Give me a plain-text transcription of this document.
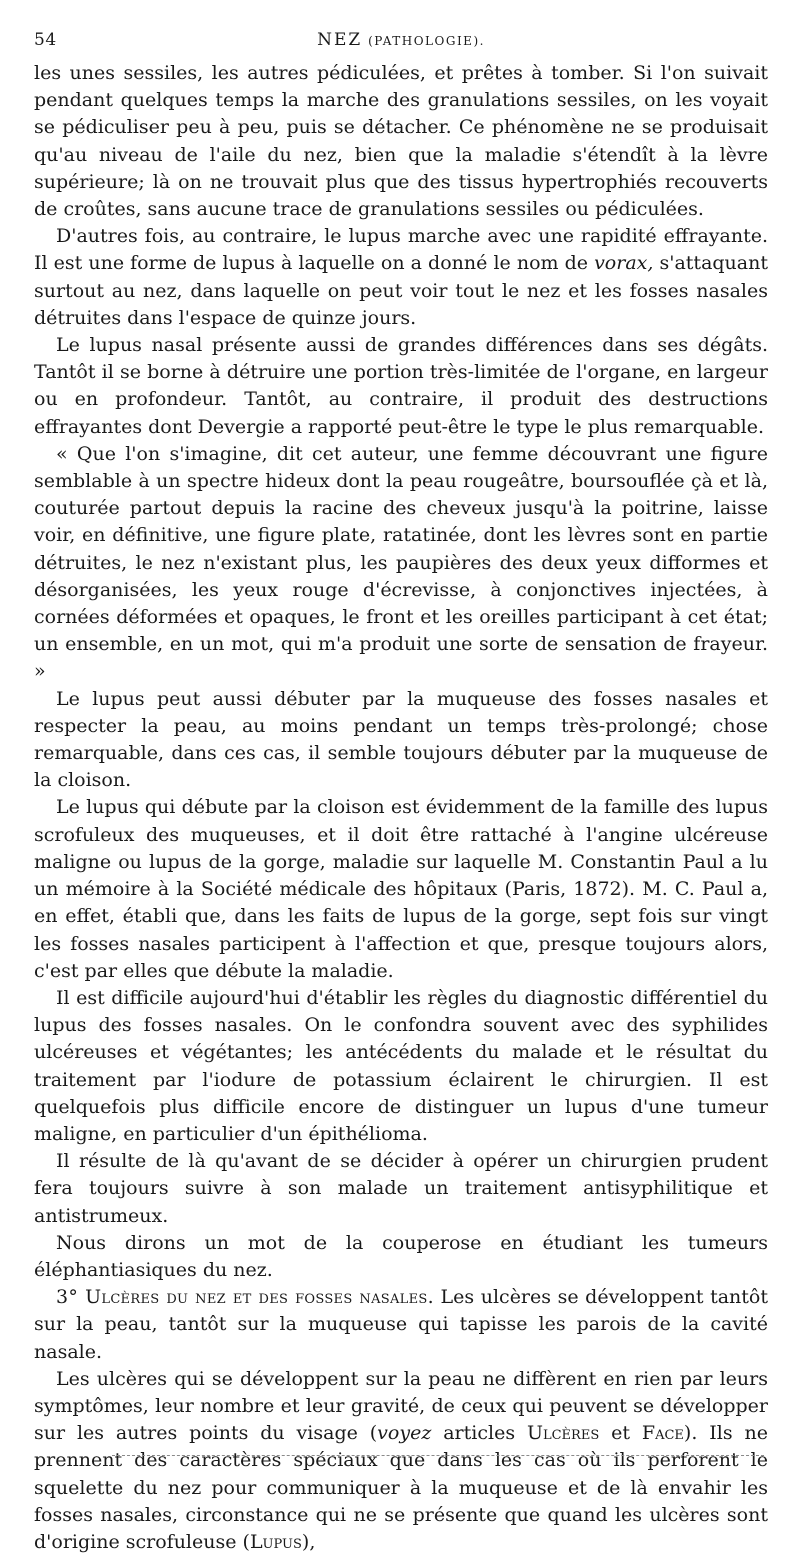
54	NEZ (PATHOLOGIE).

les unes sessiles, les autres pédiculées, et prêtes à tomber. Si l'on suivait pendant quelques temps la marche des granulations sessiles, on les voyait se pédiculiser peu à peu, puis se détacher. Ce phénomène ne se produisait qu'au niveau de l'aile du nez, bien que la maladie s'étendît à la lèvre supérieure; là on ne trouvait plus que des tissus hypertrophiés recouverts de croûtes, sans aucune trace de granulations sessiles ou pédiculées.

D'autres fois, au contraire, le lupus marche avec une rapidité effrayante. Il est une forme de lupus à laquelle on a donné le nom de vorax, s'attaquant surtout au nez, dans laquelle on peut voir tout le nez et les fosses nasales détruites dans l'espace de quinze jours.

Le lupus nasal présente aussi de grandes différences dans ses dégâts. Tantôt il se borne à détruire une portion très-limitée de l'organe, en largeur ou en profondeur. Tantôt, au contraire, il produit des destructions effrayantes dont Devergie a rapporté peut-être le type le plus remarquable.

« Que l'on s'imagine, dit cet auteur, une femme découvrant une figure semblable à un spectre hideux dont la peau rougeâtre, boursouflée çà et là, couturée partout depuis la racine des cheveux jusqu'à la poitrine, laisse voir, en définitive, une figure plate, ratatinée, dont les lèvres sont en partie détruites, le nez n'existant plus, les paupières des deux yeux difformes et désorganisées, les yeux rouge d'écrevisse, à conjonctives injectées, à cornées déformées et opaques, le front et les oreilles participant à cet état; un ensemble, en un mot, qui m'a produit une sorte de sensation de frayeur. »

Le lupus peut aussi débuter par la muqueuse des fosses nasales et respecter la peau, au moins pendant un temps très-prolongé; chose remarquable, dans ces cas, il semble toujours débuter par la muqueuse de la cloison.

Le lupus qui débute par la cloison est évidemment de la famille des lupus scrofuleux des muqueuses, et il doit être rattaché à l'angine ulcéreuse maligne ou lupus de la gorge, maladie sur laquelle M. Constantin Paul a lu un mémoire à la Société médicale des hôpitaux (Paris, 1872). M. C. Paul a, en effet, établi que, dans les faits de lupus de la gorge, sept fois sur vingt les fosses nasales participent à l'affection et que, presque toujours alors, c'est par elles que débute la maladie.

Il est difficile aujourd'hui d'établir les règles du diagnostic différentiel du lupus des fosses nasales. On le confondra souvent avec des syphilides ulcéreuses et végétantes; les antécédents du malade et le résultat du traitement par l'iodure de potassium éclairent le chirurgien. Il est quelquefois plus difficile encore de distinguer un lupus d'une tumeur maligne, en particulier d'un épithélioma.

Il résulte de là qu'avant de se décider à opérer un chirurgien prudent fera toujours suivre à son malade un traitement antisyphilitique et antistrumeux.

Nous dirons un mot de la couperose en étudiant les tumeurs éléphantiasiques du nez.

3° Ulcères du nez et des fosses nasales. Les ulcères se développent tantôt sur la peau, tantôt sur la muqueuse qui tapisse les parois de la cavité nasale.

Les ulcères qui se développent sur la peau ne diffèrent en rien par leurs symptômes, leur nombre et leur gravité, de ceux qui peuvent se développer sur les autres points du visage (voyez articles Ulcères et Face). Ils ne prennent des caractères spéciaux que dans les cas où ils perforent le squelette du nez pour communiquer à la muqueuse et de là envahir les fosses nasales, circonstance qui ne se présente que quand les ulcères sont d'origine scrofuleuse (Lupus),
